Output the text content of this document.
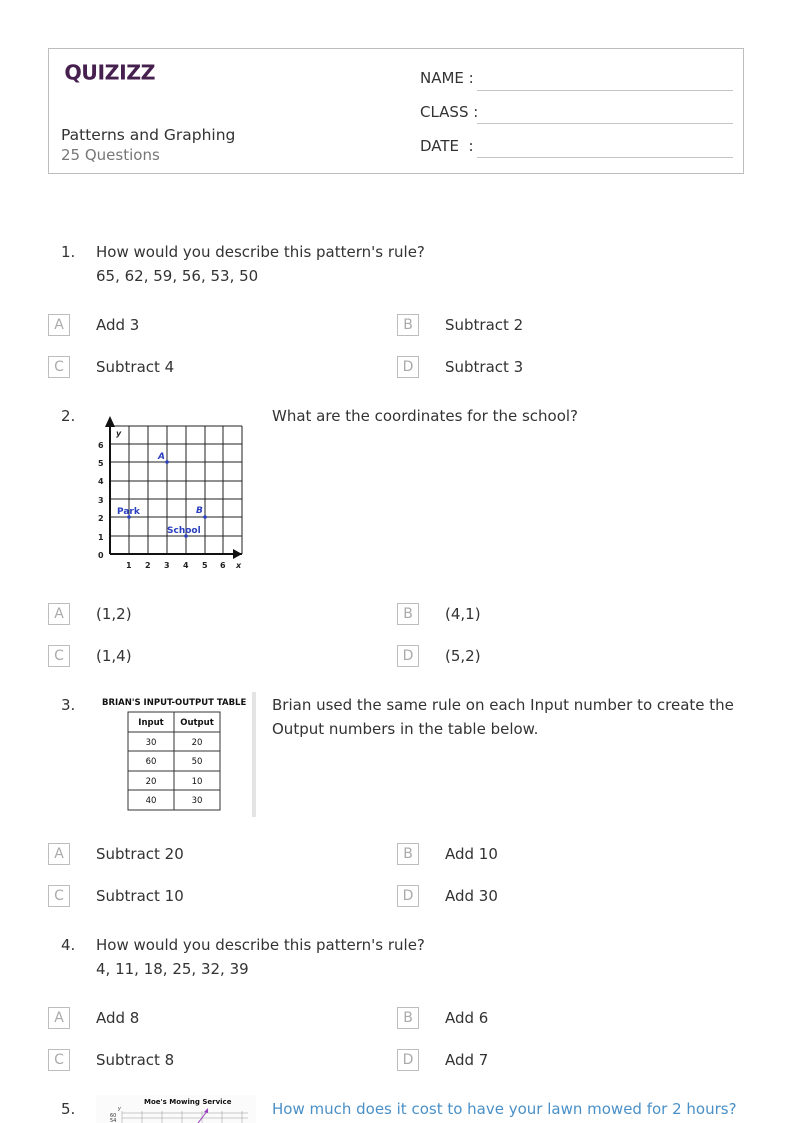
QUIZIZZ
Patterns and Graphing
25 Questions
NAME :
CLASS :
DATE  :
1. How would you describe this pattern's rule?
65, 62, 59, 56, 53, 50
A	Add 3	B	Subtract 2
C	Subtract 4	D	Subtract 3
2.
y
x
6
5
4
3
2
1
0
1 2 3 4 5 6
A
Park	B
School
What are the coordinates for the school?
A	(1,2)	B	(4,1)
C	(1,4)	D	(5,2)
3.	BRIAN'S INPUT-OUTPUT TABLE
Input Output
30	20
60	50
20	10
40	30
Brian used the same rule on each Input number to create the Output numbers in the table below.
A	Subtract 20	B	Add 10
C	Subtract 10	D	Add 30
4. How would you describe this pattern's rule?
4, 11, 18, 25, 32, 39
A	Add 8	B	Add 6
C	Subtract 8	D	Add 7
5.	Moe's Mowing Service
y
60
54
How much does it cost to have your lawn mowed for 2 hours?
